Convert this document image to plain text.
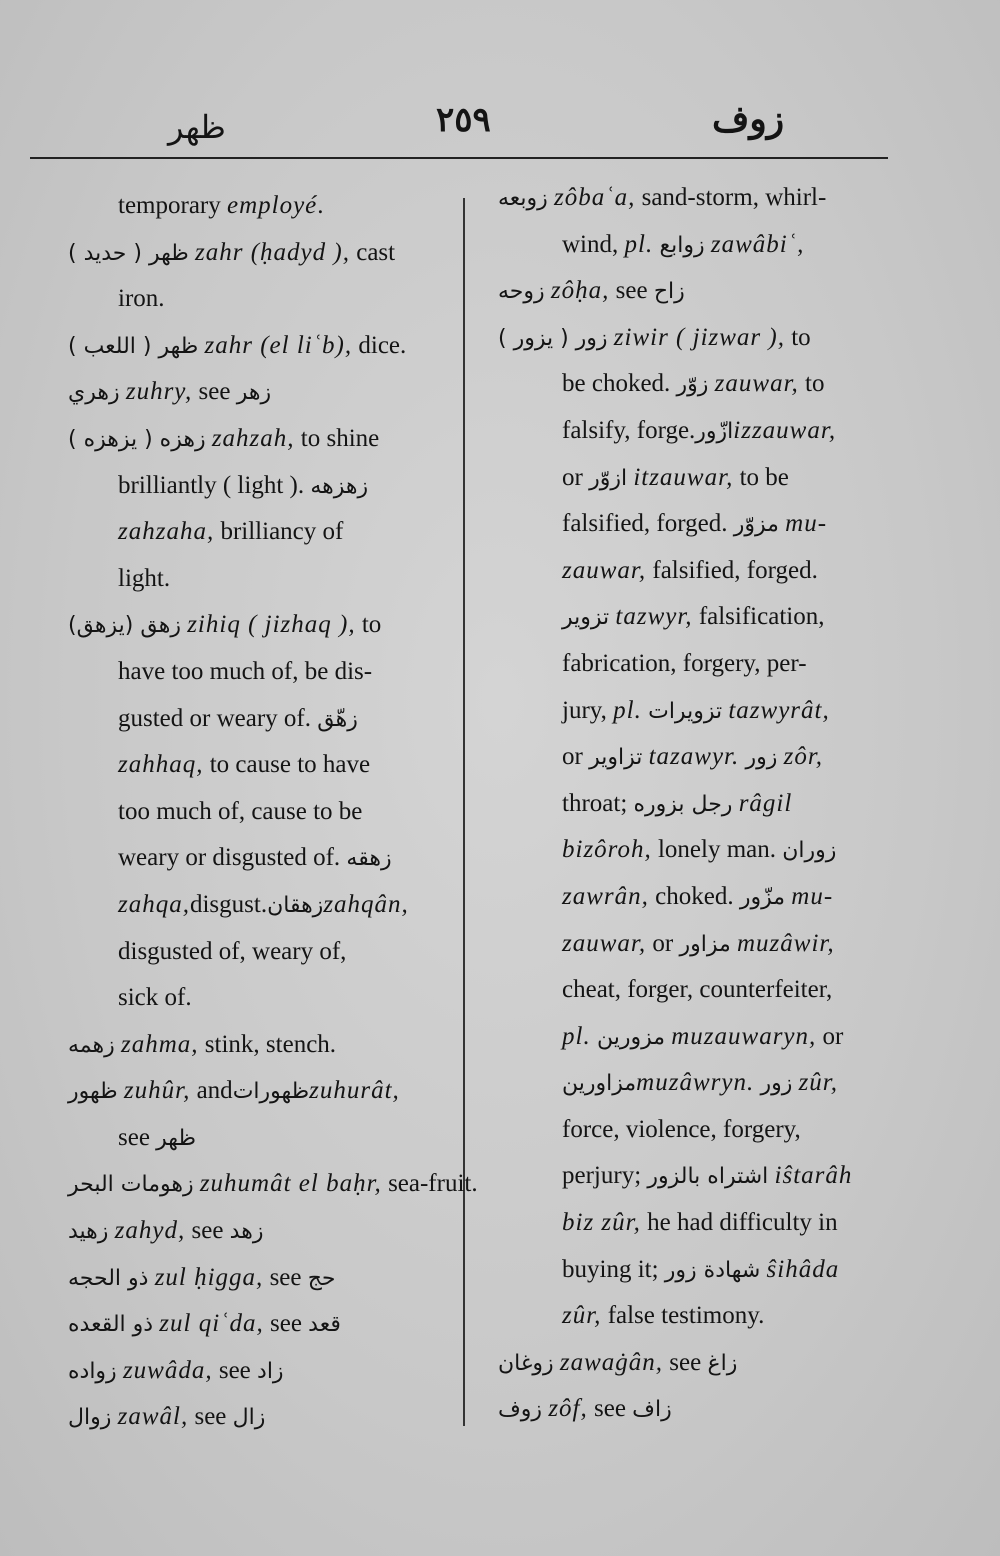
ظهر	٢٥٩	زوف
temporary employé.
ظهر ( حديد ) zahr (ḥadyd ), cast
iron.
ظهر ( اللعب ) zahr (el liʿb), dice.
زهري zuhry, see زهر
زهزه ( يزهزه ) zahzah, to shine
brilliantly ( light ). زهزهه
zahzaha, brilliancy of
light.
زهق (يزهق) zihiq ( jizhaq ), to
have too much of, be dis-
gusted or weary of. زهّق
zahhaq, to cause to have
too much of, cause to be
weary or disgusted of. زهقه
zahqa,disgust.زهقانzahqân,
disgusted of, weary of,
sick of.
زهمه zahma, stink, stench.
ظهور zuhûr, andظهوراتzuhurât,
see ظهر
زهومات البحر zuhumât el baḥr, sea-fruit.
زهيد zahyd, see زهد
ذو الحجه zul ḥigga, see حج
ذو القعده zul qiʿda, see قعد
زواده zuwâda, see زاد
زوال zawâl, see زال
زوبعه zôbaʿa, sand-storm, whirl-
wind, pl. زوابع zawâbiʿ,
زوحه zôḥa, see زاح
زور ( يزور ) ziwir ( jizwar ), to
be choked. زوّر zauwar, to
falsify, forge.ازّورizzauwar,
or ازوّر itzauwar, to be
falsified, forged. مزوّر mu-
zauwar, falsified, forged.
تزوير tazwyr, falsification,
fabrication, forgery, per-
jury, pl. تزويرات tazwyrât,
or تزاوير tazawyr. زور zôr,
throat; رجل بزوره râgil
bizôroh, lonely man. زوران
zawrân, choked. مزّور mu-
zauwar, or مزاور muzâwir,
cheat, forger, counterfeiter,
pl. مزورين muzauwaryn, or
مزاورينmuzâwryn. زور zûr,
force, violence, forgery,
perjury; اشتراه بالزور iŝtarâh
biz zûr, he had difficulty in
buying it; شهادة زور ŝihâda
zûr, false testimony.
زوغان zawaġân, see زاغ
زوف zôf, see زاف
